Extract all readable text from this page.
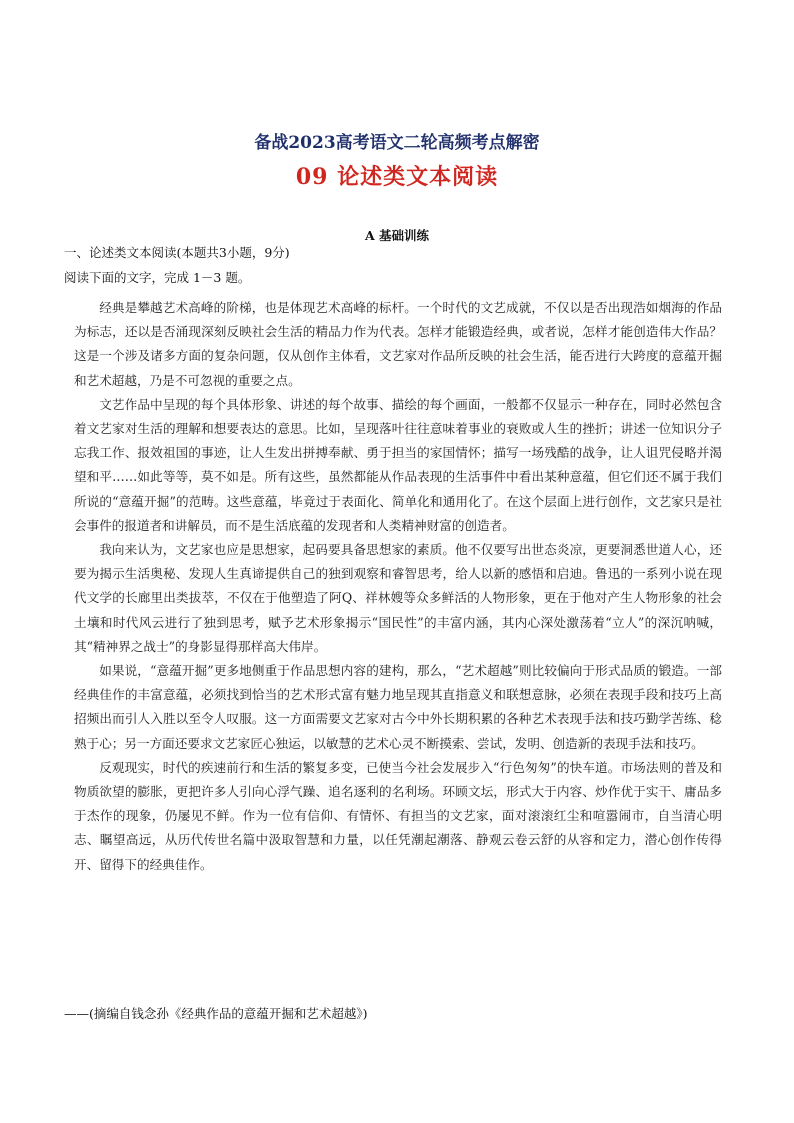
备战2023高考语文二轮高频考点解密
09 论述类文本阅读
A 基础训练
一、论述类文本阅读(本题共3小题，9分)
阅读下面的文字，完成 1－3 题。

经典是攀越艺术高峰的阶梯，也是体现艺术高峰的标杆。一个时代的文艺成就，不仅以是否出现浩如烟海的作品为标志，还以是否涌现深刻反映社会生活的精品力作为代表。怎样才能锻造经典，或者说，怎样才能创造伟大作品？这是一个涉及诸多方面的复杂问题，仅从创作主体看，文艺家对作品所反映的社会生活，能否进行大跨度的意蕴开掘和艺术超越，乃是不可忽视的重要之点。

文艺作品中呈现的每个具体形象、讲述的每个故事、描绘的每个画面，一般都不仅显示一种存在，同时必然包含着文艺家对生活的理解和想要表达的意思。比如，呈现落叶往往意味着事业的衰败或人生的挫折；讲述一位知识分子忘我工作、报效祖国的事迹，让人生发出拼搏奉献、勇于担当的家国情怀；描写一场残酷的战争，让人诅咒侵略并渴望和平……如此等等，莫不如是。所有这些，虽然都能从作品表现的生活事件中看出某种意蕴，但它们还不属于我们所说的“意蕴开掘”的范畴。这些意蕴，毕竟过于表面化、简单化和通用化了。在这个层面上进行创作，文艺家只是社会事件的报道者和讲解员，而不是生活底蕴的发现者和人类精神财富的创造者。

我向来认为，文艺家也应是思想家，起码要具备思想家的素质。他不仅要写出世态炎凉，更要洞悉世道人心，还要为揭示生活奥秘、发现人生真谛提供自己的独到观察和睿智思考，给人以新的感悟和启迪。鲁迅的一系列小说在现代文学的长廊里出类拔萃，不仅在于他塑造了阿Q、祥林嫂等众多鲜活的人物形象，更在于他对产生人物形象的社会土壤和时代风云进行了独到思考，赋予艺术形象揭示“国民性”的丰富内涵，其内心深处激荡着“立人”的深沉呐喊，其“精神界之战士”的身影显得那样高大伟岸。

如果说，“意蕴开掘”更多地侧重于作品思想内容的建构，那么，“艺术超越”则比较偏向于形式品质的锻造。一部经典佳作的丰富意蕴，必须找到恰当的艺术形式富有魅力地呈现其直指意义和联想意脉，必须在表现手段和技巧上高招频出而引人入胜以至令人叹服。这一方面需要文艺家对古今中外长期积累的各种艺术表现手法和技巧勤学苦练、稔熟于心；另一方面还要求文艺家匠心独运，以敏慧的艺术心灵不断摸索、尝试，发明、创造新的表现手法和技巧。

反观现实，时代的疾速前行和生活的繁复多变，已使当今社会发展步入“行色匆匆”的快车道。市场法则的普及和物质欲望的膨胀，更把许多人引向心浮气躁、追名逐利的名利场。环顾文坛，形式大于内容、炒作优于实干、庸品多于杰作的现象，仍屡见不鲜。作为一位有信仰、有情怀、有担当的文艺家，面对滚滚红尘和喧嚣闹市，自当清心明志、瞩望高远，从历代传世名篇中汲取智慧和力量，以任凭潮起潮落、静观云卷云舒的从容和定力，潜心创作传得开、留得下的经典佳作。

——(摘编自钱念孙《经典作品的意蕴开掘和艺术超越》)
